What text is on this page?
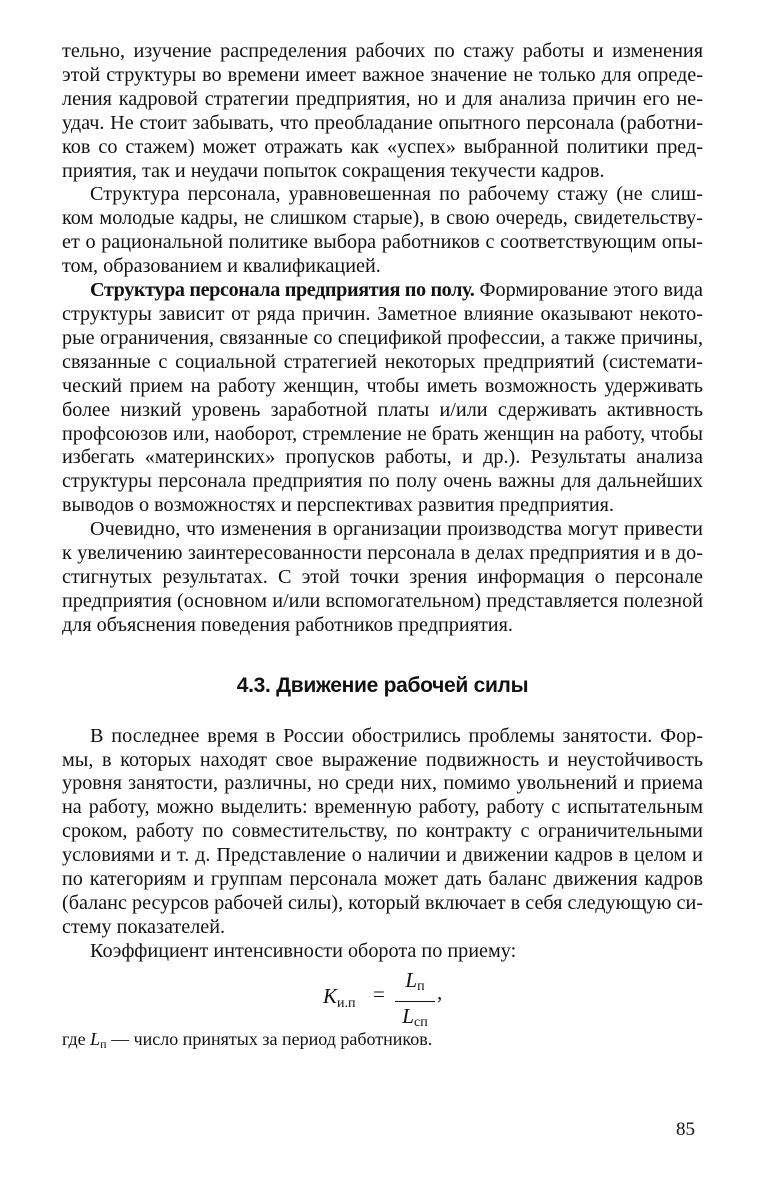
тельно, изучение распределения рабочих по стажу работы и изменения этой структуры во времени имеет важное значение не только для определения кадровой стратегии предприятия, но и для анализа причин его неудач. Не стоит забывать, что преобладание опытного персонала (работников со стажем) может отражать как «успех» выбранной политики предприятия, так и неудачи попыток сокращения текучести кадров.

Структура персонала, уравновешенная по рабочему стажу (не слишком молодые кадры, не слишком старые), в свою очередь, свидетельствует о рациональной политике выбора работников с соответствующим опытом, образованием и квалификацией.

Структура персонала предприятия по полу. Формирование этого вида структуры зависит от ряда причин. Заметное влияние оказывают некоторые ограничения, связанные со спецификой профессии, а также причины, связанные с социальной стратегией некоторых предприятий (систематический прием на работу женщин, чтобы иметь возможность удерживать более низкий уровень заработной платы и/или сдерживать активность профсоюзов или, наоборот, стремление не брать женщин на работу, чтобы избегать «материнских» пропусков работы, и др.). Результаты анализа структуры персонала предприятия по полу очень важны для дальнейших выводов о возможностях и перспективах развития предприятия.

Очевидно, что изменения в организации производства могут привести к увеличению заинтересованности персонала в делах предприятия и в достигнутых результатах. С этой точки зрения информация о персонале предприятия (основном и/или вспомогательном) представляется полезной для объяснения поведения работников предприятия.

4.3. Движение рабочей силы

В последнее время в России обострились проблемы занятости. Формы, в которых находят свое выражение подвижность и неустойчивость уровня занятости, различны, но среди них, помимо увольнений и приема на работу, можно выделить: временную работу, работу с испытательным сроком, работу по совместительству, по контракту с ограничительными условиями и т. д. Представление о наличии и движении кадров в целом и по категориям и группам персонала может дать баланс движения кадров (баланс ресурсов рабочей силы), который включает в себя следующую систему показателей.

Коэффициент интенсивности оборота по приему:

$K_{и.п}$ =
$L_п$
$L_{сп}$
,

где $L_п$ — число принятых за период работников.

85
